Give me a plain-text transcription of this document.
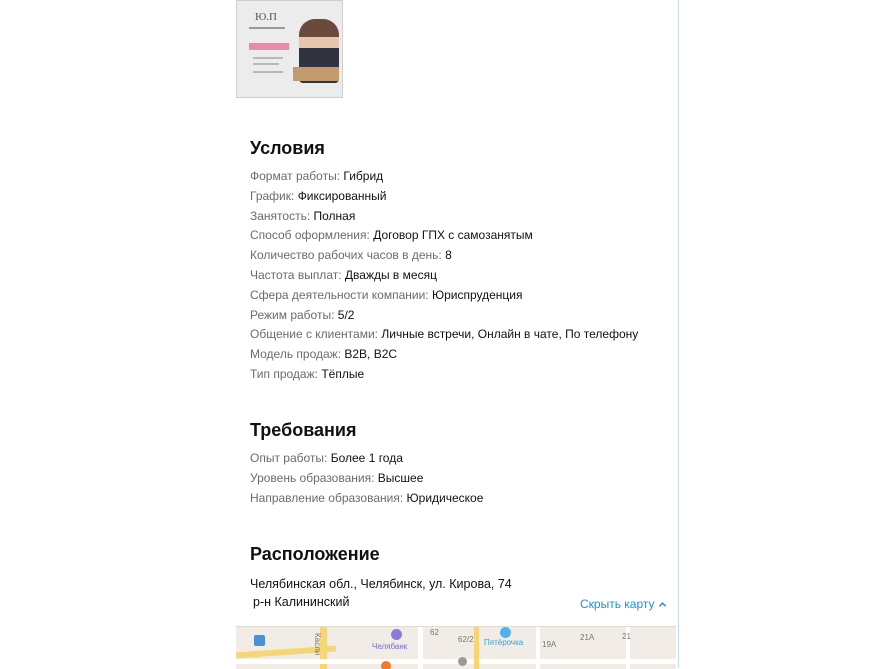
Ю.П
Условия
Формат работы: Гибрид
График: Фиксированный
Занятость: Полная
Способ оформления: Договор ГПХ с самозанятым
Количество рабочих часов в день: 8
Частота выплат: Дважды в месяц
Сфера деятельности компании: Юриспруденция
Режим работы: 5/2
Общение с клиентами: Личные встречи, Онлайн в чате, По телефону
Модель продаж: B2B, B2C
Тип продаж: Тёплые
Требования
Опыт работы: Более 1 года
Уровень образования: Высшее
Направление образования: Юридическое
Расположение
Челябинская обл., Челябинск, ул. Кирова, 74
р-н Калининский	Скрыть карту
Касли	Челябанк	Пятёрочка
62
62/2
19А
21А	21
